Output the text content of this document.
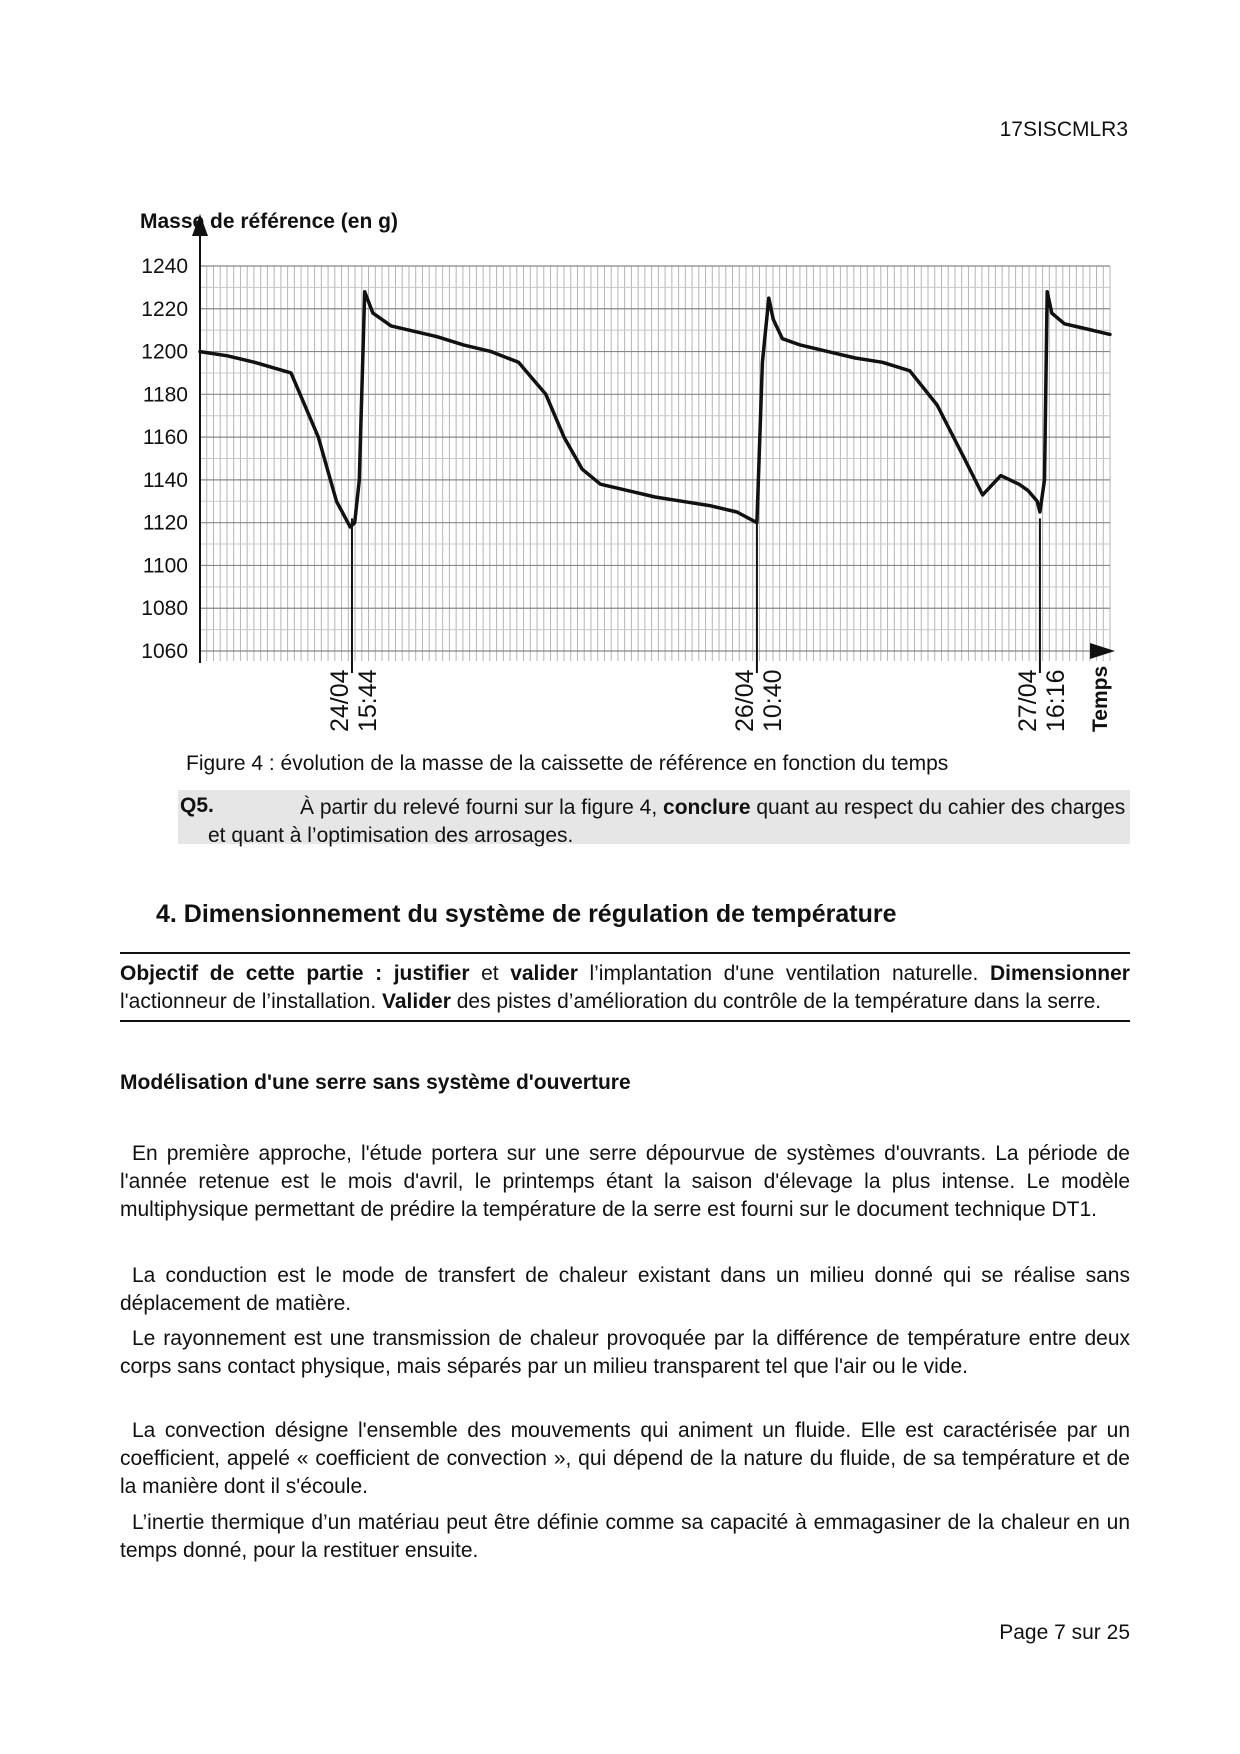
17SISCMLR3
1240
1220
1200
1180
1160
1140
1120
1100
1080
1060
Masse de référence (en g)
Temps
24/04 15:44	26/04 10:40	27/04 16:16
Figure 4 : évolution de la masse de la caissette de référence en fonction du temps
À partir du relevé fourni sur la figure 4, conclure quant au respect du cahier des charges et quant à l’optimisation des arrosages.
Q5.
4. Dimensionnement du système de régulation de température
Objectif de cette partie : justifier et valider l’implantation d'une ventilation naturelle. Dimensionner l'actionneur de l’installation. Valider des pistes d’amélioration du contrôle de la température dans la serre.
Modélisation d'une serre sans système d'ouverture
En première approche, l'étude portera sur une serre dépourvue de systèmes d'ouvrants. La période de l'année retenue est le mois d'avril, le printemps étant la saison d'élevage la plus intense. Le modèle multiphysique permettant de prédire la température de la serre est fourni sur le document technique DT1.
La conduction est le mode de transfert de chaleur existant dans un milieu donné qui se réalise sans déplacement de matière.
Le rayonnement est une transmission de chaleur provoquée par la différence de température entre deux corps sans contact physique, mais séparés par un milieu transparent tel que l'air ou le vide.
La convection désigne l'ensemble des mouvements qui animent un fluide. Elle est caractérisée par un coefficient, appelé « coefficient de convection », qui dépend de la nature du fluide, de sa température et de la manière dont il s'écoule.
L’inertie thermique d’un matériau peut être définie comme sa capacité à emmagasiner de la chaleur en un temps donné, pour la restituer ensuite.
Page 7 sur 25
